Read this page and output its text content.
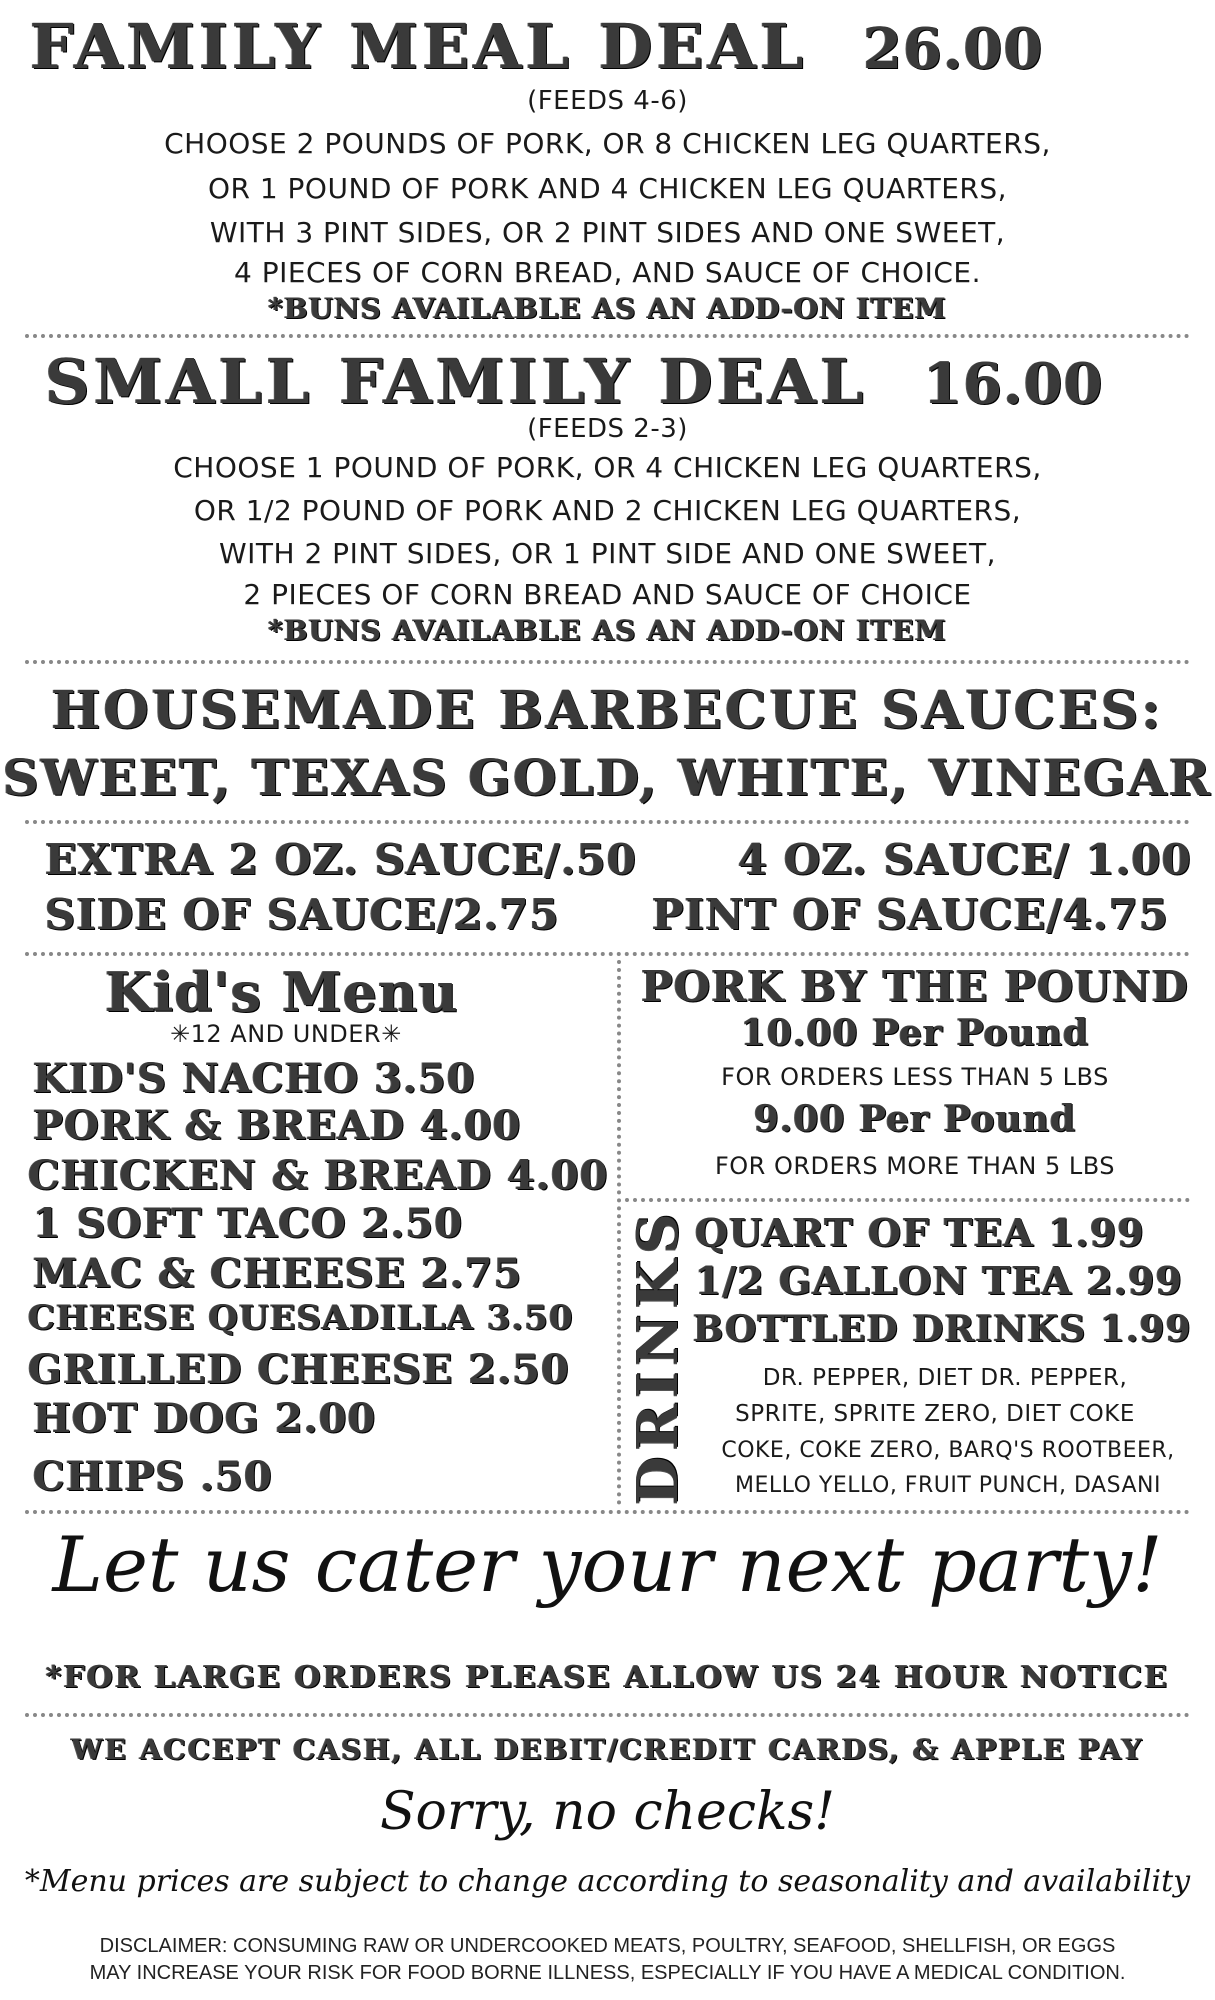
FAMILY MEAL DEAL 26.00
(FEEDS 4-6)
CHOOSE 2 POUNDS OF PORK, OR 8 CHICKEN LEG QUARTERS,
OR 1 POUND OF PORK AND 4 CHICKEN LEG QUARTERS,
WITH 3 PINT SIDES, OR 2 PINT SIDES AND ONE SWEET,
4 PIECES OF CORN BREAD, AND SAUCE OF CHOICE.
*BUNS AVAILABLE AS AN ADD-ON ITEM
SMALL FAMILY DEAL 16.00
(FEEDS 2-3)
CHOOSE 1 POUND OF PORK, OR 4 CHICKEN LEG QUARTERS,
OR 1/2 POUND OF PORK AND 2 CHICKEN LEG QUARTERS,
WITH 2 PINT SIDES, OR 1 PINT SIDE AND ONE SWEET,
2 PIECES OF CORN BREAD AND SAUCE OF CHOICE
*BUNS AVAILABLE AS AN ADD-ON ITEM
HOUSEMADE BARBECUE SAUCES:
SWEET, TEXAS GOLD, WHITE, VINEGAR
EXTRA 2 OZ. SAUCE/.50 4 OZ. SAUCE/ 1.00
SIDE OF SAUCE/2.75 PINT OF SAUCE/4.75
Kid's Menu
✳12 AND UNDER✳
KID'S NACHO 3.50
PORK & BREAD 4.00
CHICKEN & BREAD 4.00
1 SOFT TACO 2.50
MAC & CHEESE 2.75
CHEESE QUESADILLA 3.50
GRILLED CHEESE 2.50
HOT DOG 2.00
CHIPS .50
PORK BY THE POUND
10.00 Per Pound
FOR ORDERS LESS THAN 5 LBS
9.00 Per Pound
FOR ORDERS MORE THAN 5 LBS
DRINKS QUART OF TEA 1.99
1/2 GALLON TEA 2.99
BOTTLED DRINKS 1.99
DR. PEPPER, DIET DR. PEPPER,
SPRITE, SPRITE ZERO, DIET COKE
COKE, COKE ZERO, BARQ'S ROOTBEER,
MELLO YELLO, FRUIT PUNCH, DASANI
Let us cater your next party!
*FOR LARGE ORDERS PLEASE ALLOW US 24 HOUR NOTICE
WE ACCEPT CASH, ALL DEBIT/CREDIT CARDS, & APPLE PAY
Sorry, no checks!
*Menu prices are subject to change according to seasonality and availability
DISCLAIMER: CONSUMING RAW OR UNDERCOOKED MEATS, POULTRY, SEAFOOD, SHELLFISH, OR EGGS
MAY INCREASE YOUR RISK FOR FOOD BORNE ILLNESS, ESPECIALLY IF YOU HAVE A MEDICAL CONDITION.
